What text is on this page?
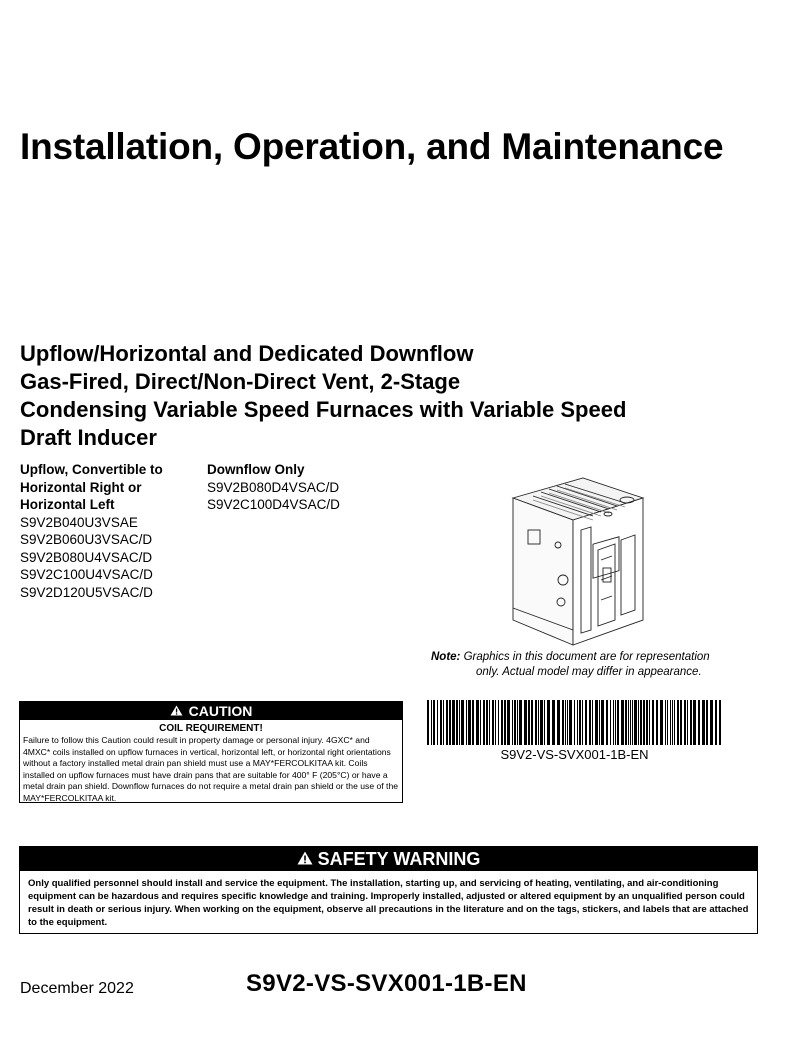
Installation, Operation, and Maintenance
Upflow/Horizontal and Dedicated Downflow
Gas-Fired, Direct/Non-Direct Vent, 2-Stage
Condensing Variable Speed Furnaces with Variable Speed
Draft Inducer
Upflow, Convertible to
Horizontal Right or
Horizontal Left
S9V2B040U3VSAE
S9V2B060U3VSAC/D
S9V2B080U4VSAC/D
S9V2C100U4VSAC/D
S9V2D120U5VSAC/D
Downflow Only
S9V2B080D4VSAC/D
S9V2C100D4VSAC/D
Note: Graphics in this document are for representation
only. Actual model may differ in appearance.
S9V2-VS-SVX001-1B-EN
CAUTION
COIL REQUIREMENT!
Failure to follow this Caution could result in property damage or personal injury. 4GXC* and 4MXC* coils installed on upflow furnaces in vertical, horizontal left, or horizontal right orientations without a factory installed metal drain pan shield must use a MAY*FERCOLKITAA kit. Coils installed on upflow furnaces must have drain pans that are suitable for 400° F (205°C) or have a metal drain pan shield. Downflow furnaces do not require a metal drain pan shield or the use of the MAY*FERCOLKITAA kit.
SAFETY WARNING
Only qualified personnel should install and service the equipment. The installation, starting up, and servicing of heating, ventilating, and air-conditioning equipment can be hazardous and requires specific knowledge and training. Improperly installed, adjusted or altered equipment by an unqualified person could result in death or serious injury. When working on the equipment, observe all precautions in the literature and on the tags, stickers, and labels that are attached to the equipment.
December 2022	S9V2-VS-SVX001-1B-EN
